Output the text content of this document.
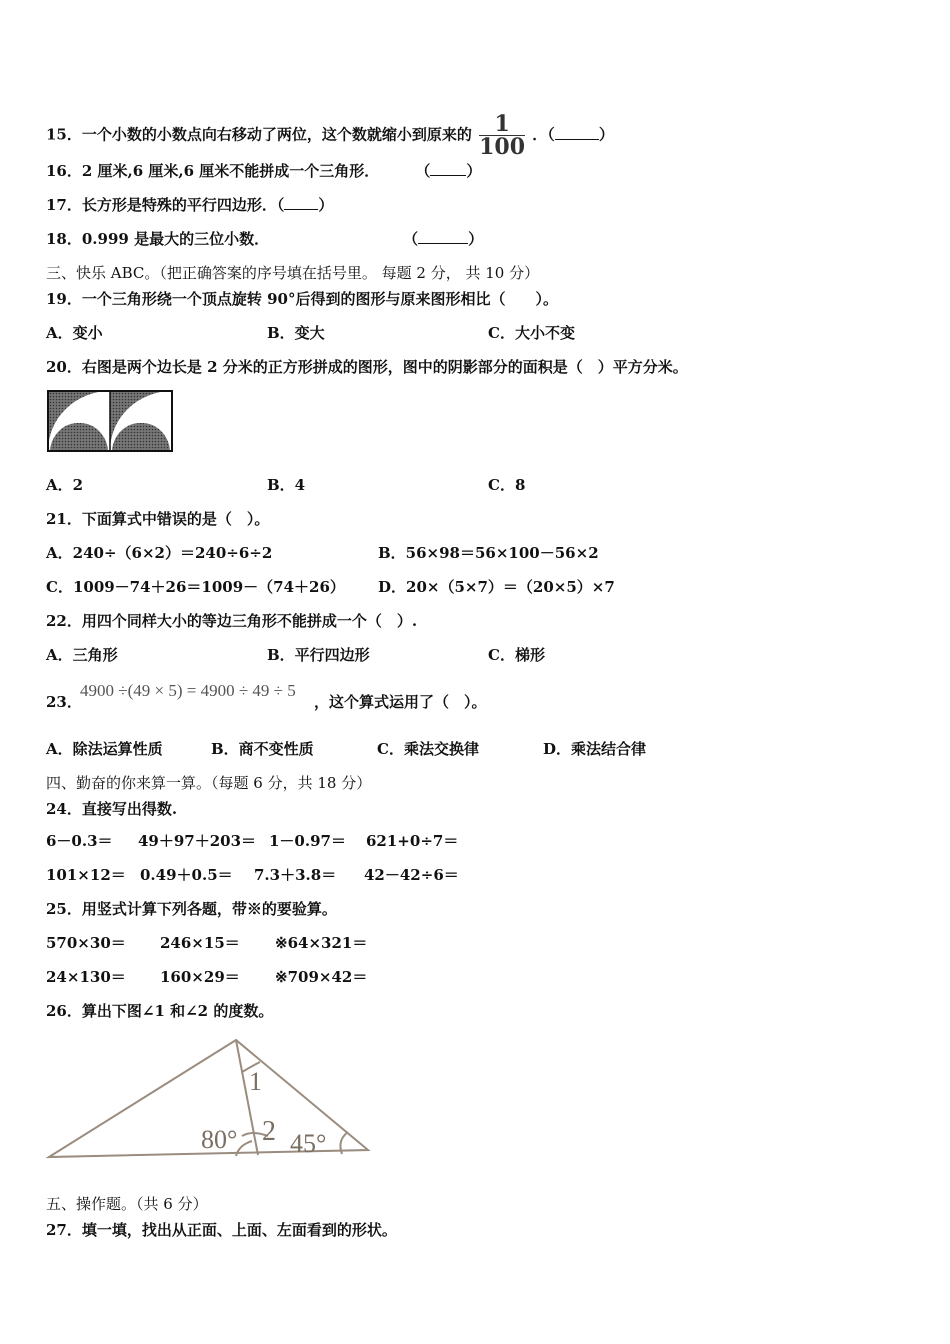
15．一个小数的小数点向右移动了两位，这个数就缩小到原来的 $\frac{1}{100}$ ．（	）
16．2 厘米,6 厘米,6 厘米不能拼成一个三角形． （ ）
17．长方形是特殊的平行四边形．（ ）
18．0.999 是最大的三位小数．	（	）
三、快乐 ABC。（把正确答案的序号填在括号里。 每题 2 分， 共 10 分）
19．一个三角形绕一个顶点旋转 90°后得到的图形与原来图形相比（　　）。
A．变小	B．变大	C．大小不变
20．右图是两个边长是 2 分米的正方形拼成的图形，图中的阴影部分的面积是（　）平方分米。
A．2	B．4	C．8
21．下面算式中错误的是（　）。
A．240÷（6×2）＝240÷6÷2	B．56×98＝56×100－56×2
C．1009－74＋26＝1009－（74＋26） D．20×（5×7）＝（20×5）×7
22．用四个同样大小的等边三角形不能拼成一个（　）.
A．三角形	B．平行四边形	C．梯形
23．
4900 ÷(49 × 5) = 4900 ÷ 49 ÷ 5
，这个算式运用了（　）。
A．除法运算性质	B．商不变性质	C．乘法交换律	D．乘法结合律
四、勤奋的你来算一算。（每题 6 分，共 18 分）
24．直接写出得数.
6－0.3＝ 49＋97＋203＝ 1－0.97＝ 621+0÷7＝
101×12＝ 0.49＋0.5＝ 7.3＋3.8＝ 42－42÷6＝
25．用竖式计算下列各题，带※的要验算。
570×30＝ 246×15＝ ※64×321＝
24×130＝ 160×29＝ ※709×42＝
26．算出下图∠1 和∠2 的度数。
1
2
80° 45°
五、操作题。（共 6 分）
27．填一填，找出从正面、上面、左面看到的形状。
